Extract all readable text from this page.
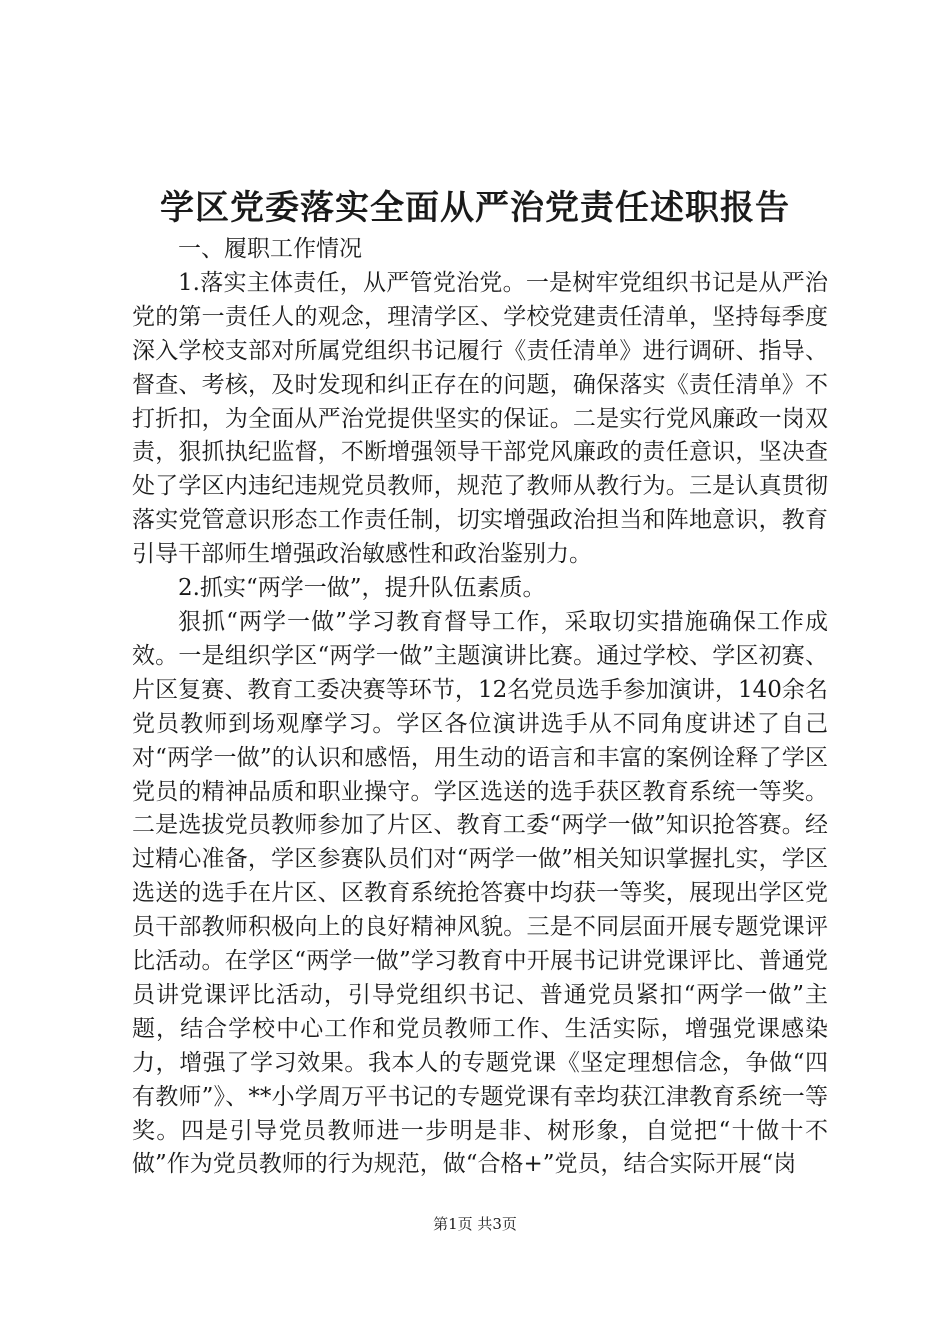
学区党委落实全面从严治党责任述职报告

一、履职工作情况

1.落实主体责任，从严管党治党。一是树牢党组织书记是从严治党的第一责任人的观念，理清学区、学校党建责任清单，坚持每季度深入学校支部对所属党组织书记履行《责任清单》进行调研、指导、督查、考核，及时发现和纠正存在的问题，确保落实《责任清单》不打折扣，为全面从严治党提供坚实的保证。二是实行党风廉政一岗双责，狠抓执纪监督，不断增强领导干部党风廉政的责任意识，坚决查处了学区内违纪违规党员教师，规范了教师从教行为。三是认真贯彻落实党管意识形态工作责任制，切实增强政治担当和阵地意识，教育引导干部师生增强政治敏感性和政治鉴别力。

2.抓实“两学一做”，提升队伍素质。

狠抓“两学一做”学习教育督导工作，采取切实措施确保工作成效。一是组织学区“两学一做”主题演讲比赛。通过学校、学区初赛、片区复赛、教育工委决赛等环节，12名党员选手参加演讲，140余名党员教师到场观摩学习。学区各位演讲选手从不同角度讲述了自己对“两学一做”的认识和感悟，用生动的语言和丰富的案例诠释了学区党员的精神品质和职业操守。学区选送的选手获区教育系统一等奖。二是选拔党员教师参加了片区、教育工委“两学一做”知识抢答赛。经过精心准备，学区参赛队员们对“两学一做”相关知识掌握扎实，学区选送的选手在片区、区教育系统抢答赛中均获一等奖，展现出学区党员干部教师积极向上的良好精神风貌。三是不同层面开展专题党课评比活动。在学区“两学一做”学习教育中开展书记讲党课评比、普通党员讲党课评比活动，引导党组织书记、普通党员紧扣“两学一做”主题，结合学校中心工作和党员教师工作、生活实际，增强党课感染力，增强了学习效果。我本人的专题党课《坚定理想信念，争做“四有教师”》、**小学周万平书记的专题党课有幸均获江津教育系统一等奖。四是引导党员教师进一步明是非、树形象，自觉把“十做十不做”作为党员教师的行为规范，做“合格+”党员，结合实际开展“岗

第1页 共3页
